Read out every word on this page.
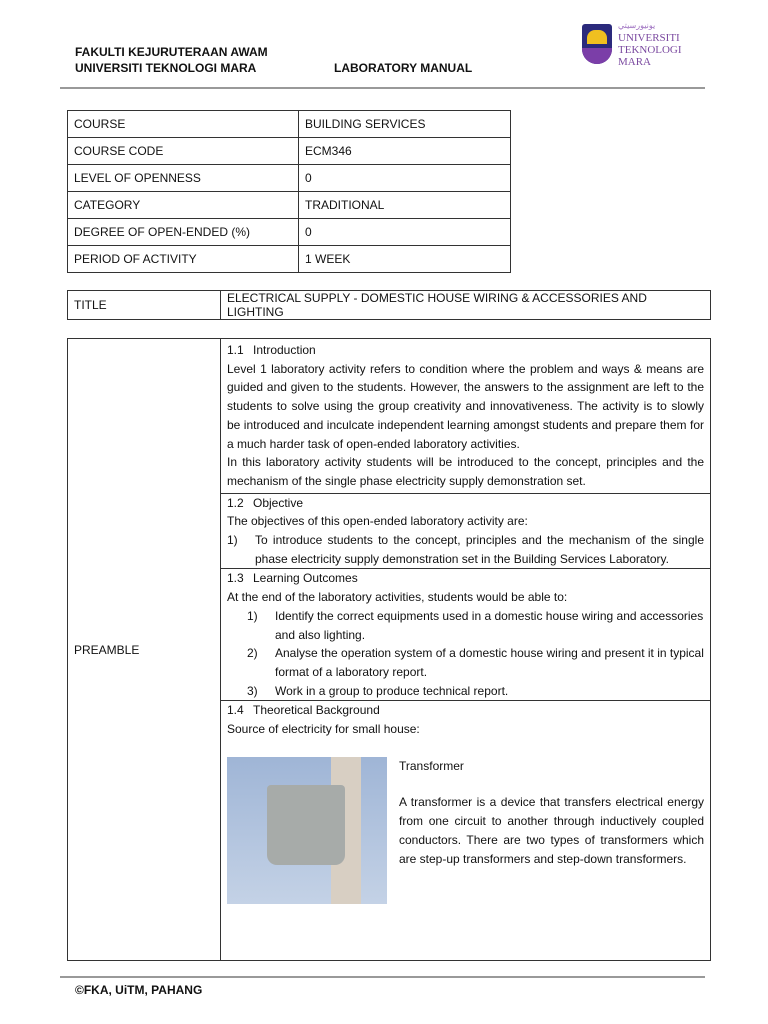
FAKULTI KEJURUTERAAN AWAM
UNIVERSITI TEKNOLOGI MARA	LABORATORY MANUAL
ﯾﻮﻧﯿﻮﺭﺳﯿﺘﻲ
UNIVERSITI
TEKNOLOGI
MARA
COURSE	BUILDING SERVICES
COURSE CODE	ECM346
LEVEL OF OPENNESS	0
CATEGORY	TRADITIONAL
DEGREE OF OPEN-ENDED (%)	0
PERIOD OF ACTIVITY	1 WEEK
TITLE	ELECTRICAL SUPPLY - DOMESTIC HOUSE WIRING & ACCESSORIES AND LIGHTING
PREAMBLE	
1.1 Introduction
Level 1 laboratory activity refers to condition where the problem and ways & means are guided and given to the students. However, the answers to the assignment are left to the students to solve using the group creativity and innovativeness. The activity is to slowly be introduced and inculcate independent learning amongst students and prepare them for a much harder task of open-ended laboratory activities.
In this laboratory activity students will be introduced to the concept, principles and the mechanism of the single phase electricity supply demonstration set.
1.2 Objective
The objectives of this open-ended laboratory activity are:
1) To introduce students to the concept, principles and the mechanism of the single phase electricity supply demonstration set in the Building Services Laboratory.
1.3 Learning Outcomes
At the end of the laboratory activities, students would be able to:
1) Identify the correct equipments used in a domestic house wiring and accessories and also lighting.
2) Analyse the operation system of a domestic house wiring and present it in typical format of a laboratory report.
3) Work in a group to produce technical report.
1.4 Theoretical Background
Source of electricity for small house:
Transformer
A transformer is a device that transfers electrical energy from one circuit to another through inductively coupled conductors. There are two types of transformers which are step-up transformers and step-down transformers.
©FKA, UiTM, PAHANG
